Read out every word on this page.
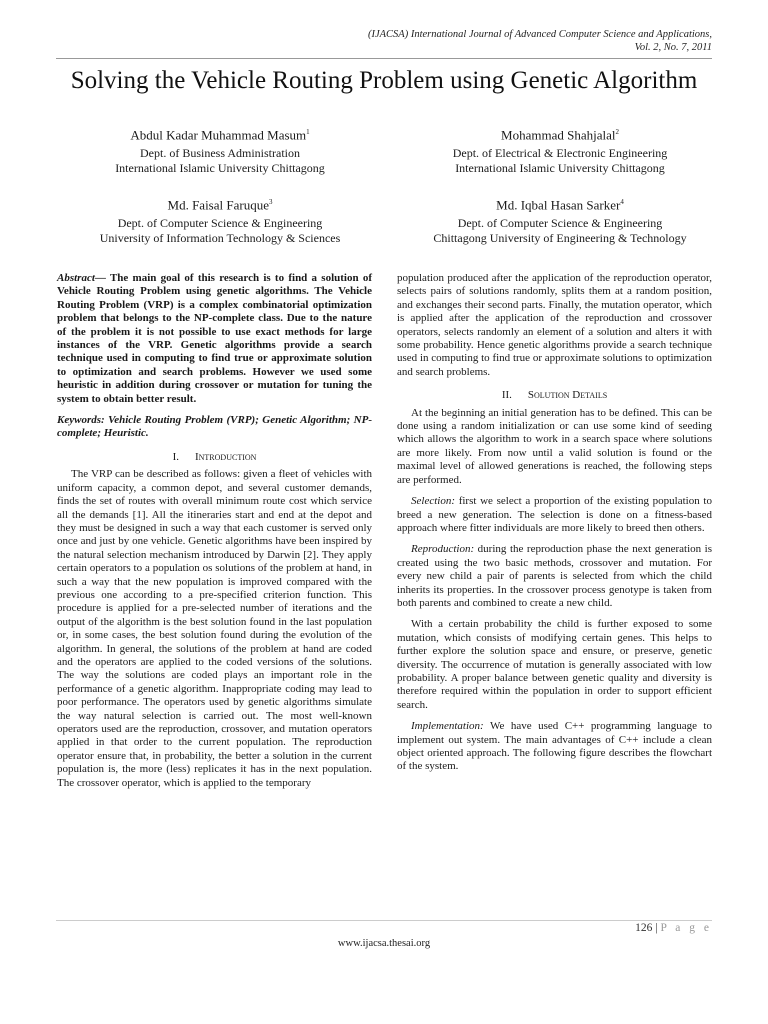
(IJACSA) International Journal of Advanced Computer Science and Applications,
Vol. 2, No. 7, 2011
Solving the Vehicle Routing Problem using Genetic Algorithm
Abdul Kadar Muhammad Masum$^1$
Dept. of Business Administration
International Islamic University Chittagong
Mohammad Shahjalal$^2$
Dept. of Electrical & Electronic Engineering
International Islamic University Chittagong
Md. Faisal Faruque$^3$
Dept. of Computer Science & Engineering
University of Information Technology & Sciences
Md. Iqbal Hasan Sarker$^4$
Dept. of Computer Science & Engineering
Chittagong University of Engineering & Technology

Abstract— The main goal of this research is to find a solution of Vehicle Routing Problem using genetic algorithms. The Vehicle Routing Problem (VRP) is a complex combinatorial optimization problem that belongs to the NP-complete class. Due to the nature of the problem it is not possible to use exact methods for large instances of the VRP. Genetic algorithms provide a search technique used in computing to find true or approximate solution to optimization and search problems. However we used some heuristic in addition during crossover or mutation for tuning the system to obtain better result.

Keywords: Vehicle Routing Problem (VRP); Genetic Algorithm; NP-complete; Heuristic.

I. Introduction

The VRP can be described as follows: given a fleet of vehicles with uniform capacity, a common depot, and several customer demands, finds the set of routes with overall minimum route cost which service all the demands [1]. All the itineraries start and end at the depot and they must be designed in such a way that each customer is served only once and just by one vehicle. Genetic algorithms have been inspired by the natural selection mechanism introduced by Darwin [2]. They apply certain operators to a population os solutions of the problem at hand, in such a way that the new population is improved compared with the previous one according to a pre-specified criterion function. This procedure is applied for a pre-selected number of iterations and the output of the algorithm is the best solution found in the last population or, in some cases, the best solution found during the evolution of the algorithm. In general, the solutions of the problem at hand are coded and the operators are applied to the coded versions of the solutions. The way the solutions are coded plays an important role in the performance of a genetic algorithm. Inappropriate coding may lead to poor performance. The operators used by genetic algorithms simulate the way natural selection is carried out. The most well-known operators used are the reproduction, crossover, and mutation operators applied in that order to the current population. The reproduction operator ensure that, in probability, the better a solution in the current population is, the more (less) replicates it has in the next population. The crossover operator, which is applied to the temporary

population produced after the application of the reproduction operator, selects pairs of solutions randomly, splits them at a random position, and exchanges their second parts. Finally, the mutation operator, which is applied after the application of the reproduction and crossover operators, selects randomly an element of a solution and alters it with some probability. Hence genetic algorithms provide a search technique used in computing to find true or approximate solutions to optimization and search problems.

II. Solution Details

At the beginning an initial generation has to be defined. This can be done using a random initialization or can use some kind of seeding which allows the algorithm to work in a search space where solutions are more likely. From now until a valid solution is found or the maximal level of allowed generations is reached, the following steps are performed.

Selection: first we select a proportion of the existing population to breed a new generation. The selection is done on a fitness-based approach where fitter individuals are more likely to breed then others.

Reproduction: during the reproduction phase the next generation is created using the two basic methods, crossover and mutation. For every new child a pair of parents is selected from which the child inherits its properties. In the crossover process genotype is taken from both parents and combined to create a new child.

With a certain probability the child is further exposed to some mutation, which consists of modifying certain genes. This helps to further explore the solution space and ensure, or preserve, genetic diversity. The occurrence of mutation is generally associated with low probability. A proper balance between genetic quality and diversity is therefore required within the population in order to support efficient search.

Implementation: We have used C++ programming language to implement out system. The main advantages of C++ include a clean object oriented approach. The following figure describes the flowchart of the system.

126 | P a g e
www.ijacsa.thesai.org
